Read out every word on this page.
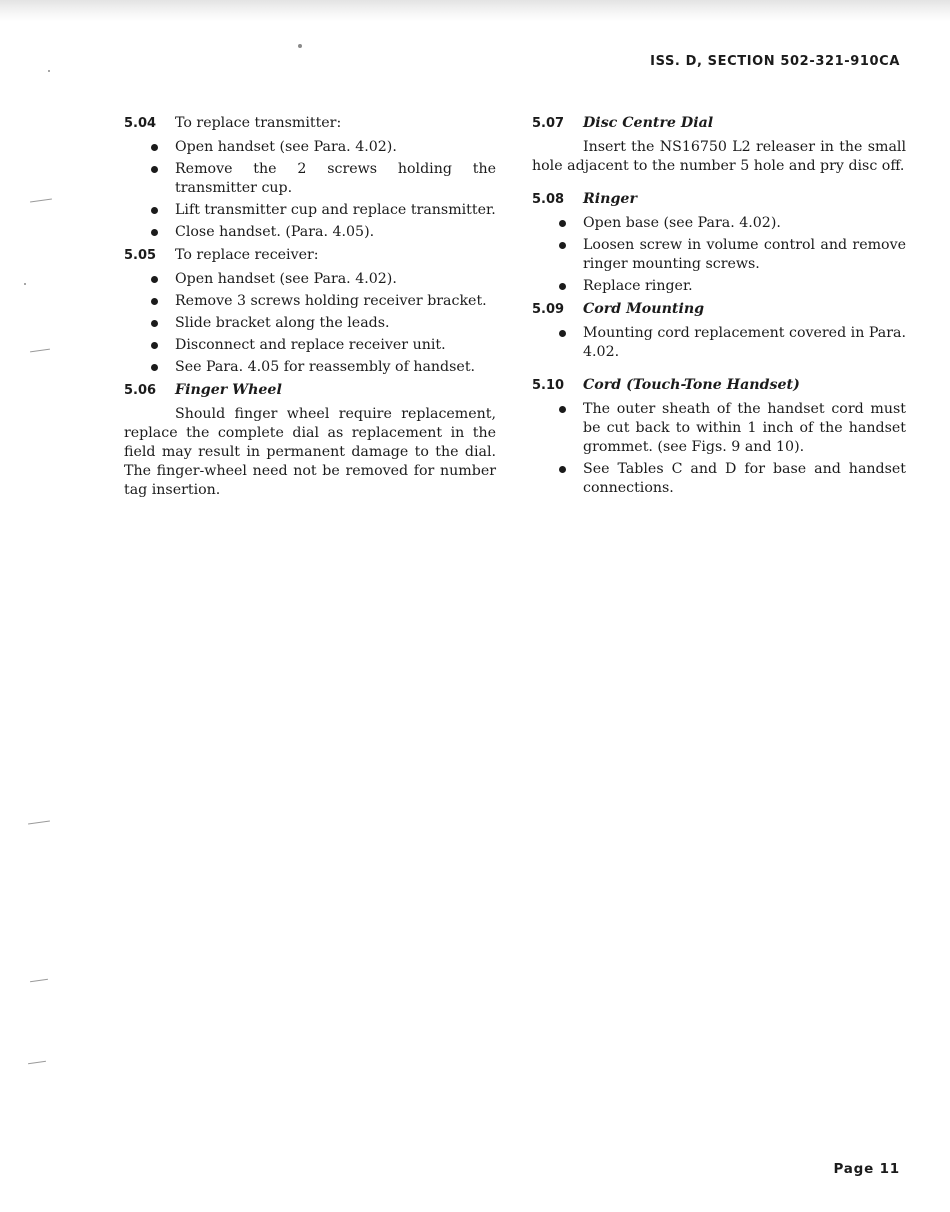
ISS. D, SECTION 502-321-910CA
5.04	To replace transmitter:
Open handset (see Para. 4.02).
Remove the 2 screws holding the transmitter cup.
Lift transmitter cup and replace transmitter.
Close handset. (Para. 4.05).
5.05	To replace receiver:
Open handset (see Para. 4.02).
Remove 3 screws holding receiver bracket.
Slide bracket along the leads.
Disconnect and replace receiver unit.
See Para. 4.05 for reassembly of handset.
5.06	Finger Wheel

Should finger wheel require replacement, replace the complete dial as replacement in the field may result in permanent damage to the dial. The finger-wheel need not be removed for number tag insertion.

5.07	Disc Centre Dial

Insert the NS16750 L2 releaser in the small hole adjacent to the number 5 hole and pry disc off.

5.08	Ringer
Open base (see Para. 4.02).
Loosen screw in volume control and remove ringer mounting screws.
Replace ringer.
5.09	Cord Mounting
Mounting cord replacement covered in Para. 4.02.
5.10	Cord (Touch-Tone Handset)
The outer sheath of the handset cord must be cut back to within 1 inch of the handset grommet. (see Figs. 9 and 10).
See Tables C and D for base and handset connections.
Page 11
